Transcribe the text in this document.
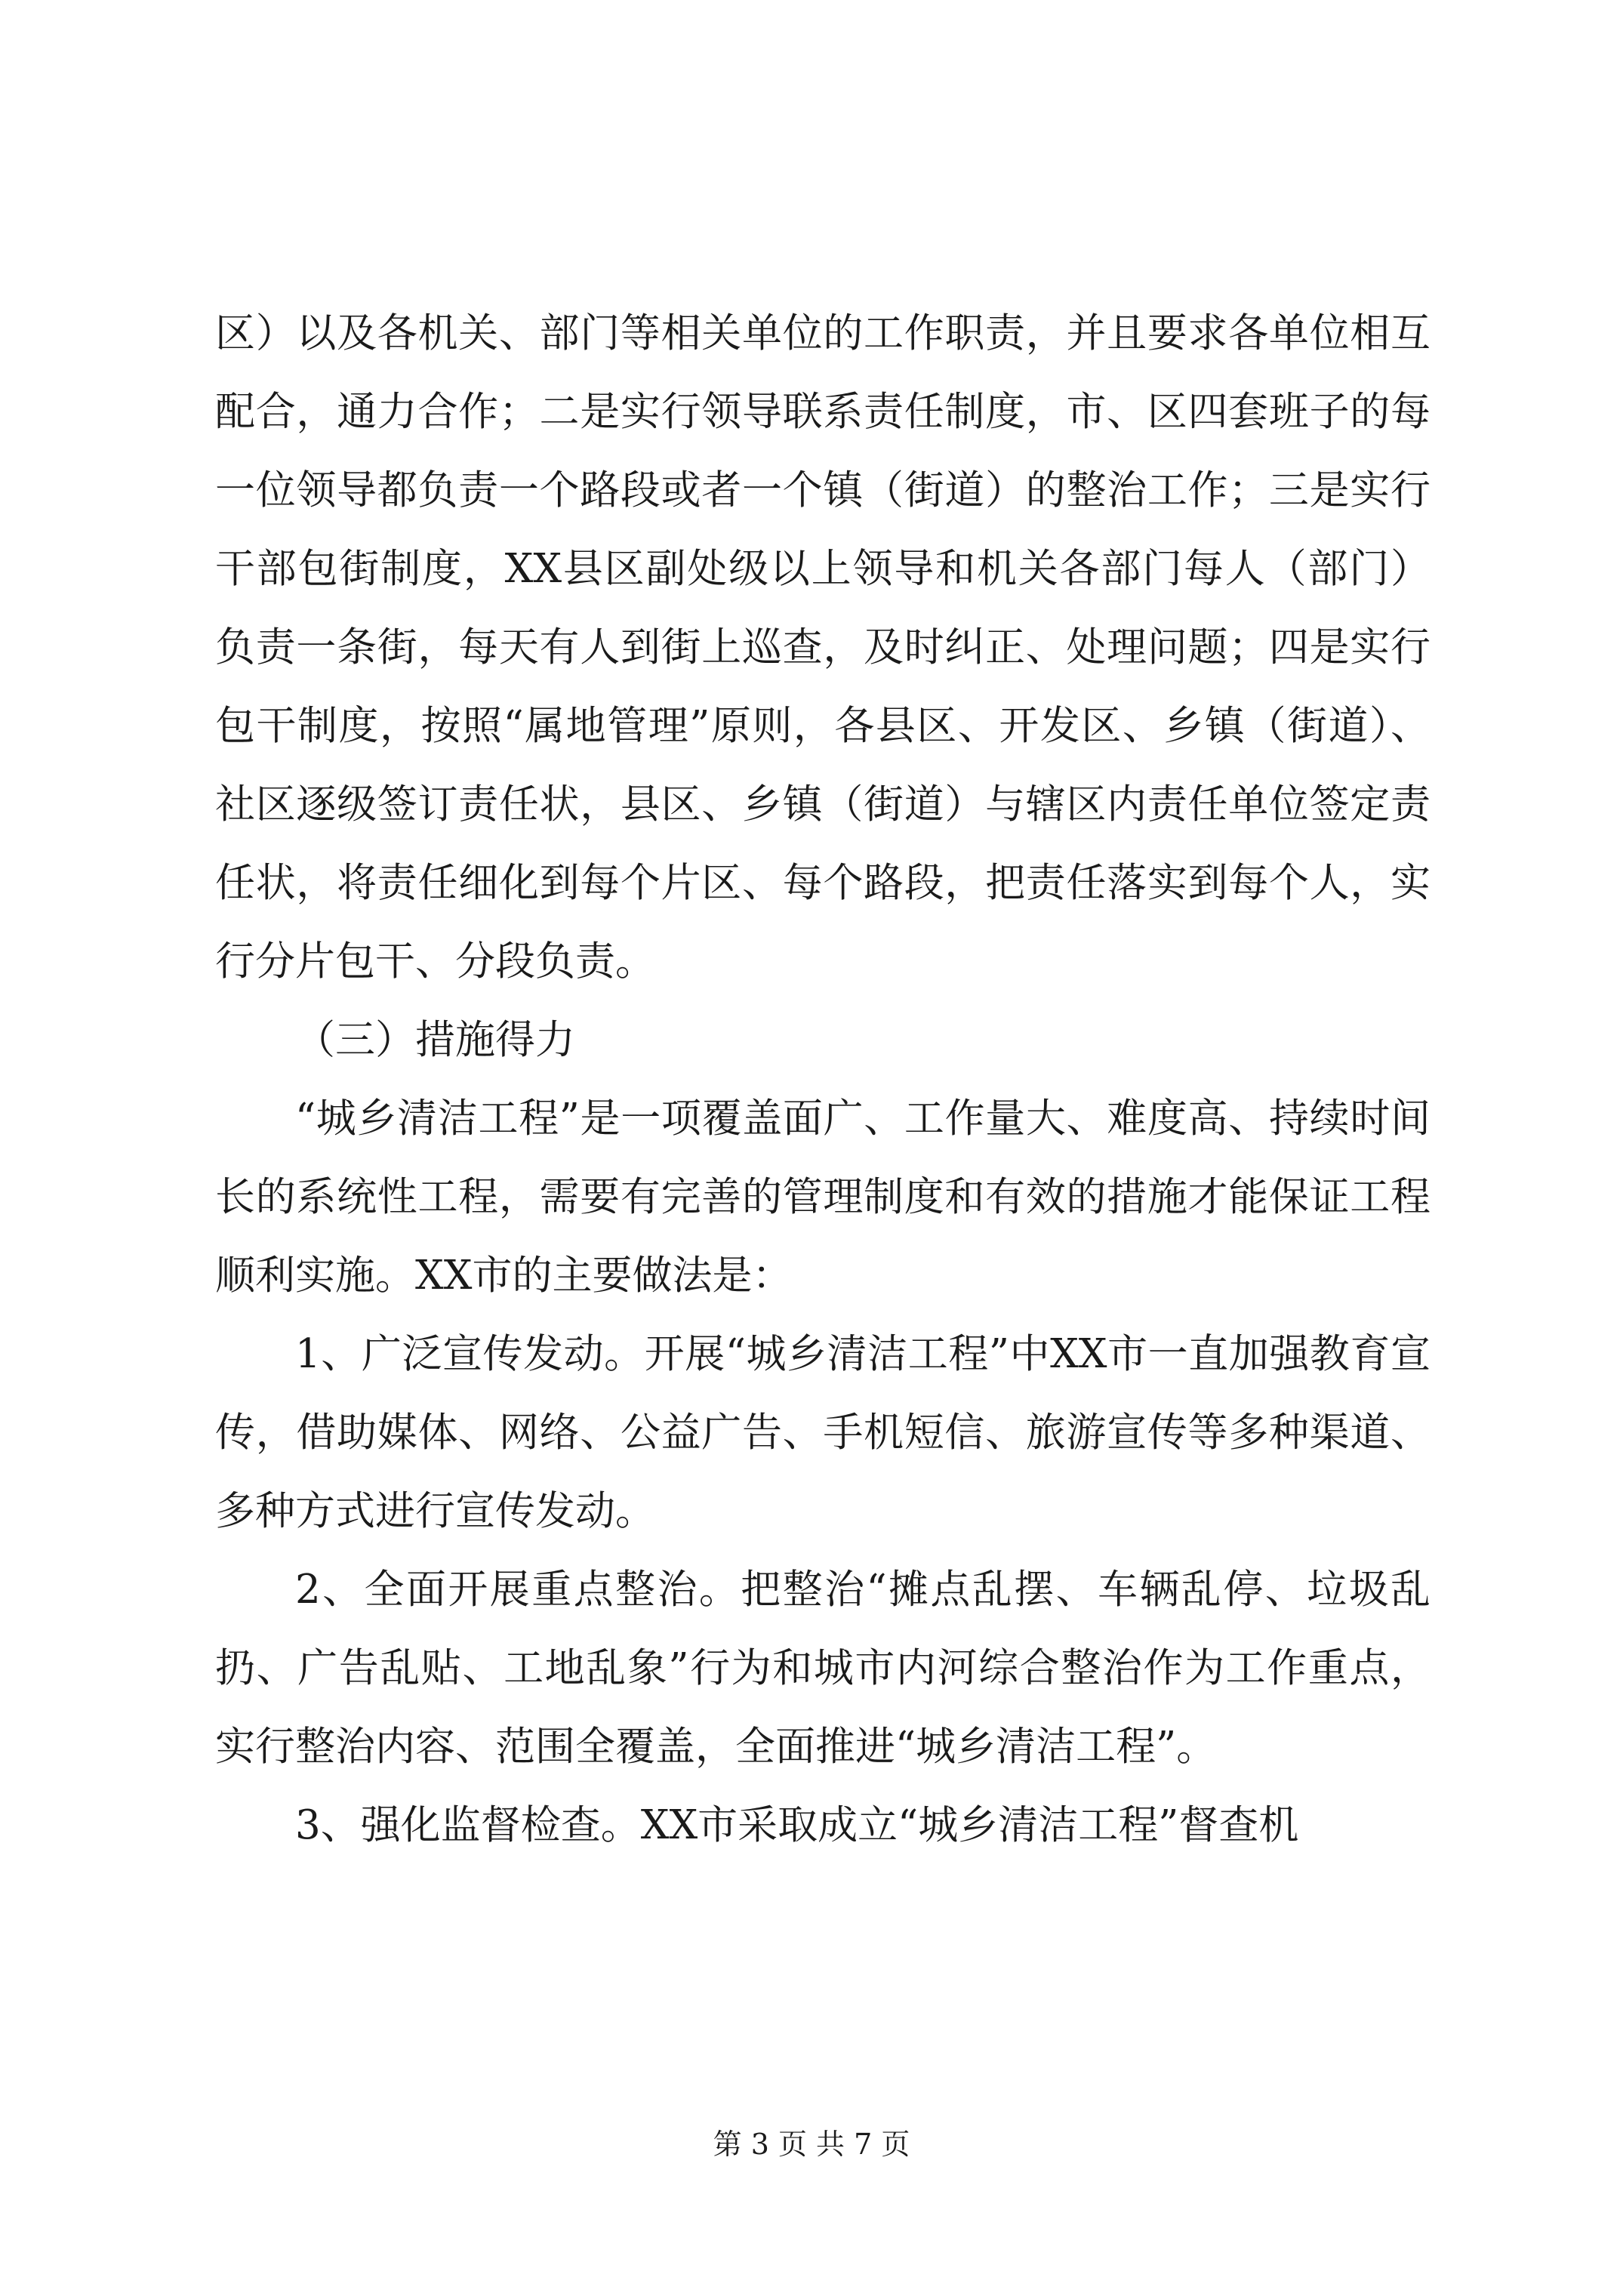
区）以及各机关、部门等相关单位的工作职责，并且要求各单位相互配合，通力合作；二是实行领导联系责任制度，市、区四套班子的每一位领导都负责一个路段或者一个镇（街道）的整治工作；三是实行干部包街制度，XX县区副处级以上领导和机关各部门每人（部门）负责一条街，每天有人到街上巡查，及时纠正、处理问题；四是实行包干制度，按照“属地管理”原则，各县区、开发区、乡镇（街道）、社区逐级签订责任状，县区、乡镇（街道）与辖区内责任单位签定责任状，将责任细化到每个片区、每个路段，把责任落实到每个人，实行分片包干、分段负责。

（三）措施得力

“城乡清洁工程”是一项覆盖面广、工作量大、难度高、持续时间长的系统性工程，需要有完善的管理制度和有效的措施才能保证工程顺利实施。XX市的主要做法是：

1、广泛宣传发动。开展“城乡清洁工程”中XX市一直加强教育宣传，借助媒体、网络、公益广告、手机短信、旅游宣传等多种渠道、多种方式进行宣传发动。

2、全面开展重点整治。把整治“摊点乱摆、车辆乱停、垃圾乱扔、广告乱贴、工地乱象”行为和城市内河综合整治作为工作重点，实行整治内容、范围全覆盖，全面推进“城乡清洁工程”。

3、强化监督检查。XX市采取成立“城乡清洁工程”督查机

第 3 页 共 7 页
